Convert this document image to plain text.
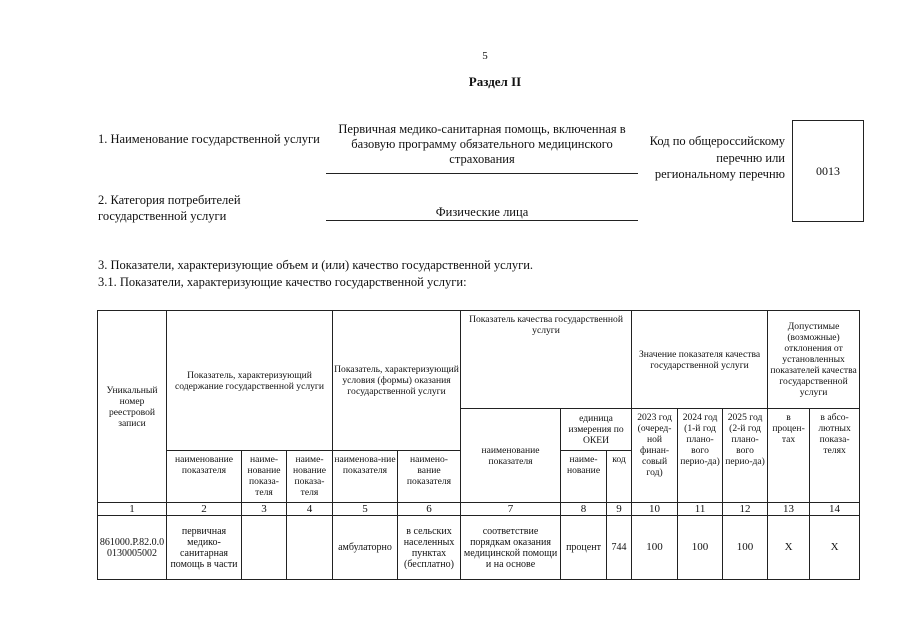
5
Раздел II
1. Наименование государственной услуги
Первичная медико-санитарная помощь, включенная в базовую программу обязательного медицинского страхования
2. Категория потребителей государственной услуги	Физические лица
Код по общероссийскому перечню или региональному перечню	0013
3. Показатели, характеризующие объем и (или) качество государственной услуги.
3.1. Показатели, характеризующие качество государственной услуги:
Уникальный номер реестровой записи	Показатель, характеризующий содержание государственной услуги			Показатель, характеризующий условия (формы) оказания государственной услуги		Показатель качества государственной услуги			Значение показателя качества государственной услуги			Допустимые (возможные) отклонения от установленных показателей качества государственной услуги	
						наименование показателя	единица измерения по ОКЕИ		2023 год (очеред-ной финан-совый год)	2024 год (1-й год плано-вого перио-да)	2025 год (2-й год плано-вого перио-да)	в процен-тах	в абсо-лютных показа-телях
	наименование показателя	наиме-нование показа-теля	наиме-нование показа-теля	наименова-ние показателя	наимено-вание показателя		наиме-нование	код					
1	2	3	4	5	6	7	8	9	10	11	12	13	14
861000.Р.82.0.00130005002	первичная медико-санитарная помощь в части			амбулаторно	в сельских населенных пунктах (бесплатно)	соответствие порядкам оказания медицинской помощи и на основе	процент	744	100	100	100	Х	Х
